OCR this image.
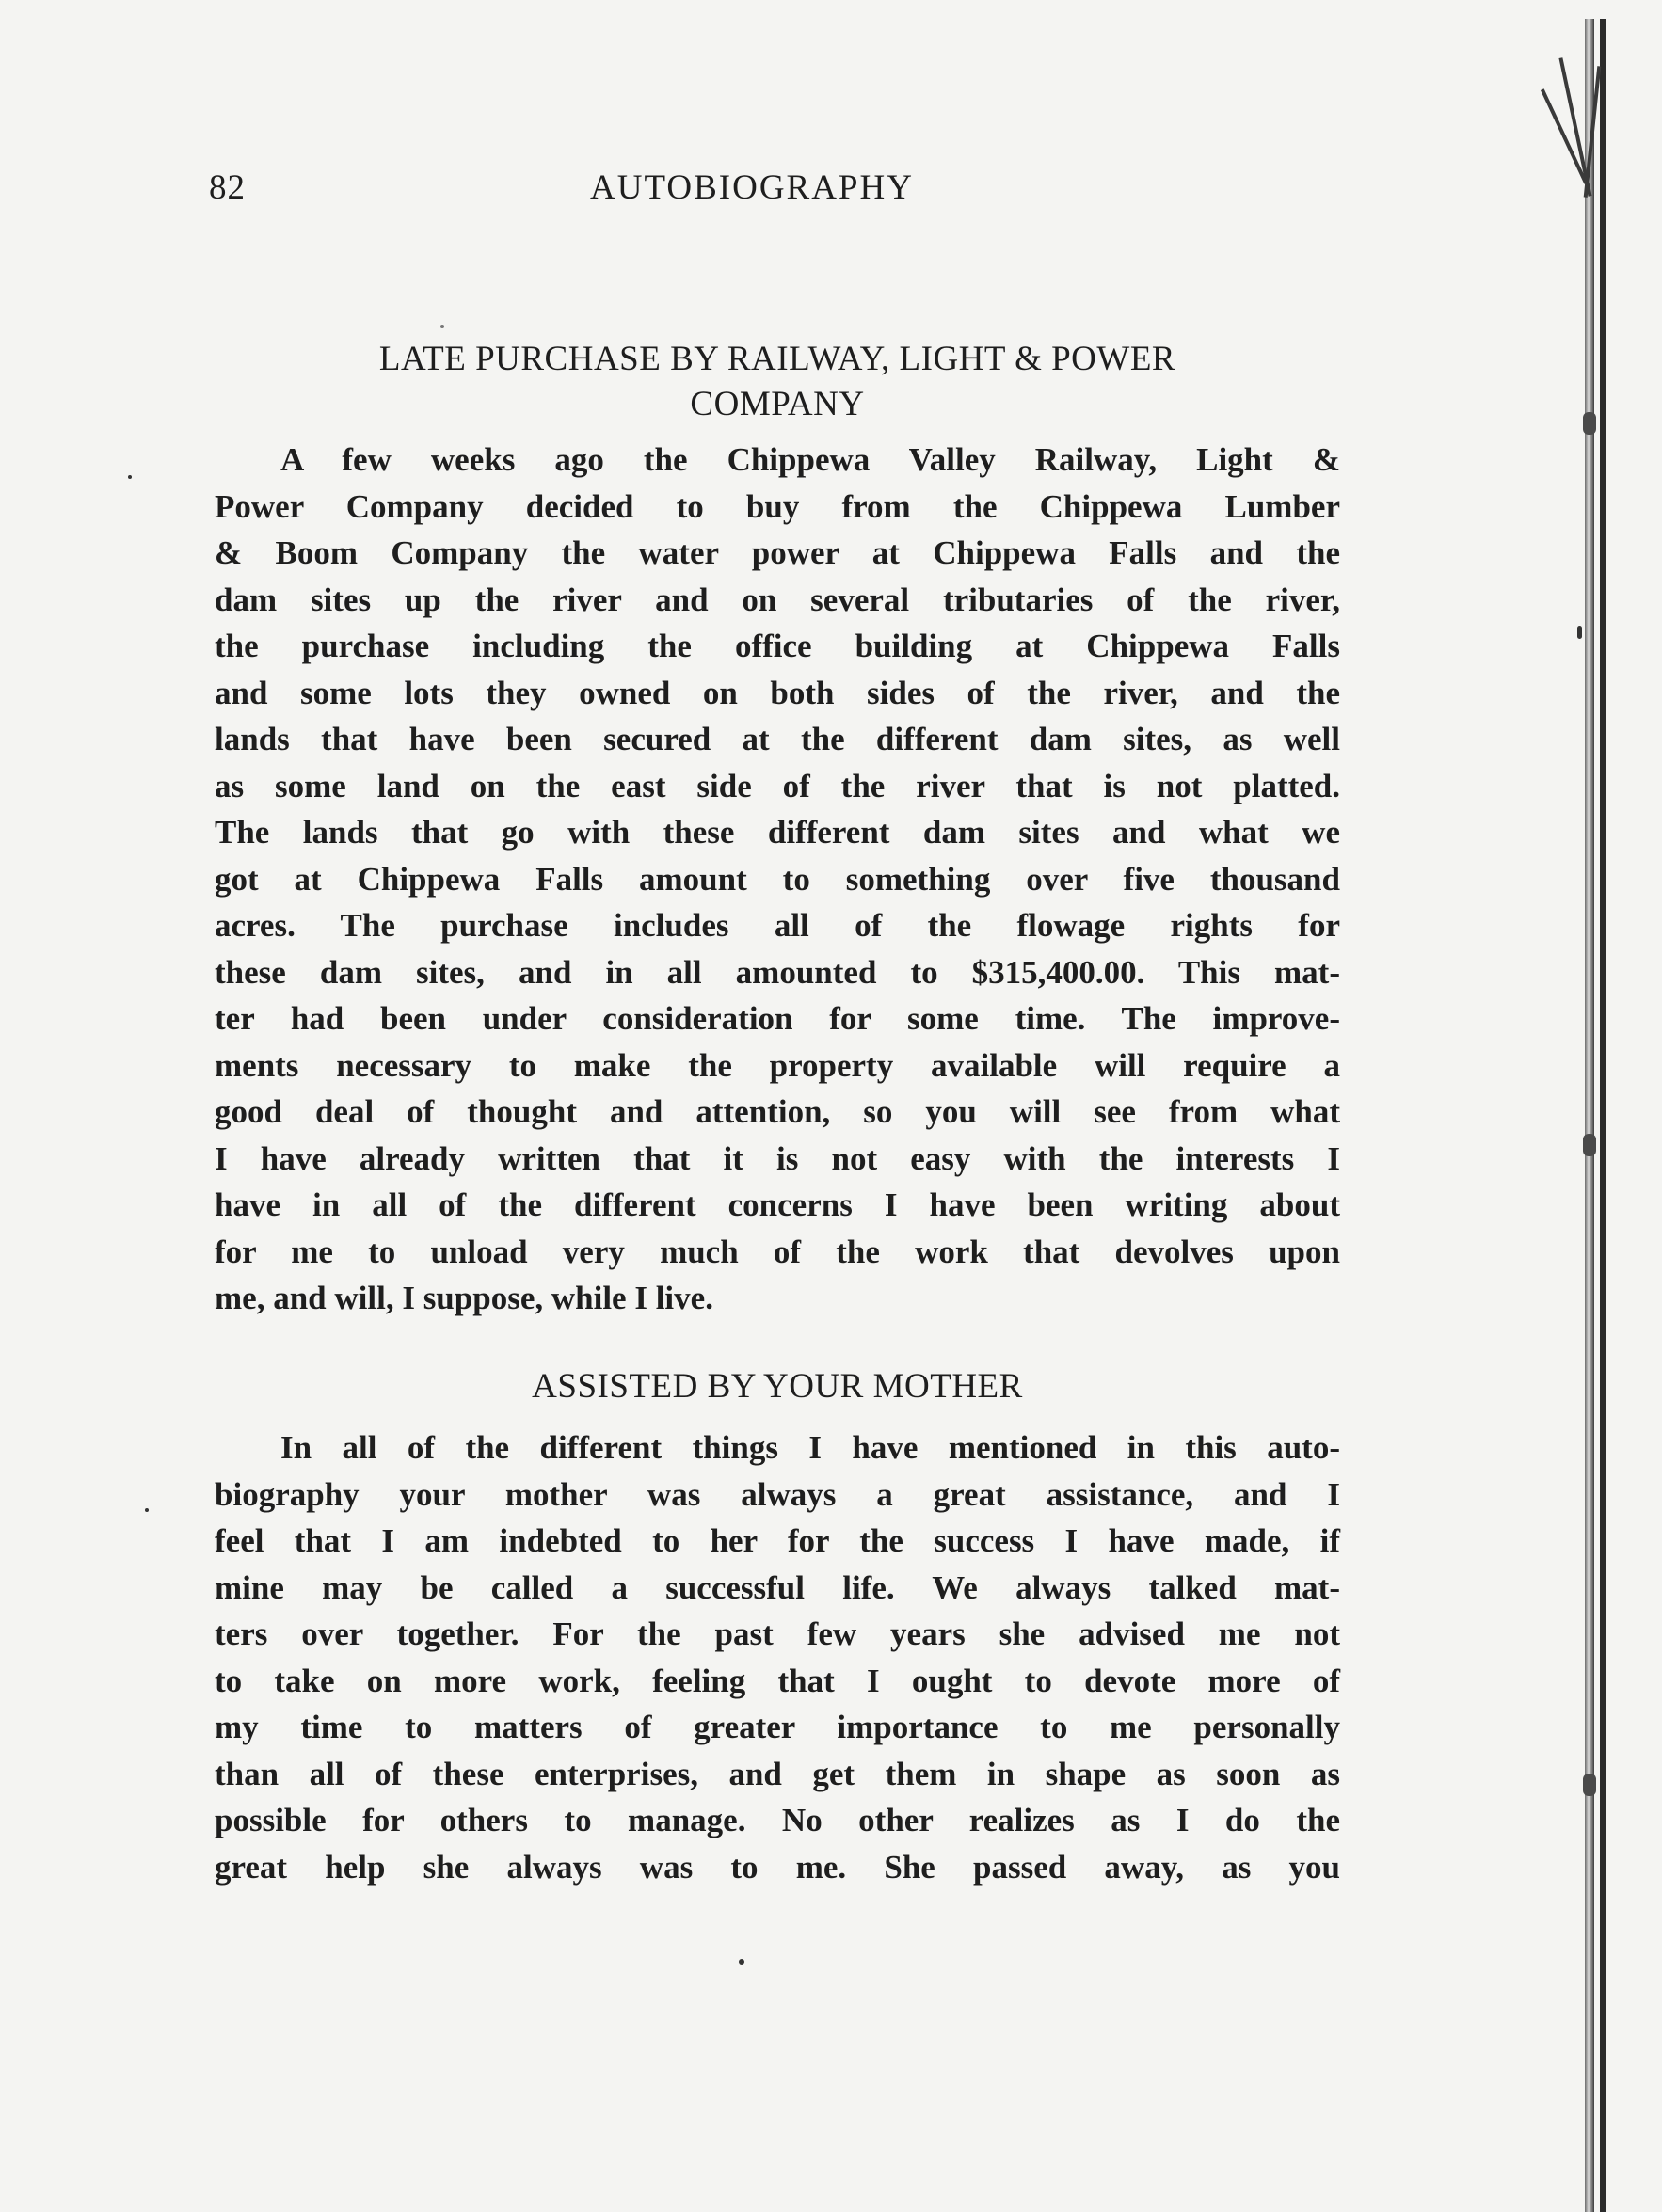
82	AUTOBIOGRAPHY
LATE PURCHASE BY RAILWAY, LIGHT & POWER
COMPANY
A few weeks ago the Chippewa Valley Railway, Light &
Power Company decided to buy from the Chippewa Lumber
& Boom Company the water power at Chippewa Falls and the
dam sites up the river and on several tributaries of the river,
the purchase including the office building at Chippewa Falls
and some lots they owned on both sides of the river, and the
lands that have been secured at the different dam sites, as well
as some land on the east side of the river that is not platted.
The lands that go with these different dam sites and what we
got at Chippewa Falls amount to something over five thousand
acres. The purchase includes all of the flowage rights for
these dam sites, and in all amounted to $315,400.00. This mat-
ter had been under consideration for some time. The improve-
ments necessary to make the property available will require a
good deal of thought and attention, so you will see from what
I have already written that it is not easy with the interests I
have in all of the different concerns I have been writing about
for me to unload very much of the work that devolves upon
me, and will, I suppose, while I live.
ASSISTED BY YOUR MOTHER
In all of the different things I have mentioned in this auto-
biography your mother was always a great assistance, and I
feel that I am indebted to her for the success I have made, if
mine may be called a successful life. We always talked mat-
ters over together. For the past few years she advised me not
to take on more work, feeling that I ought to devote more of
my time to matters of greater importance to me personally
than all of these enterprises, and get them in shape as soon as
possible for others to manage. No other realizes as I do the
great help she always was to me. She passed away, as you
